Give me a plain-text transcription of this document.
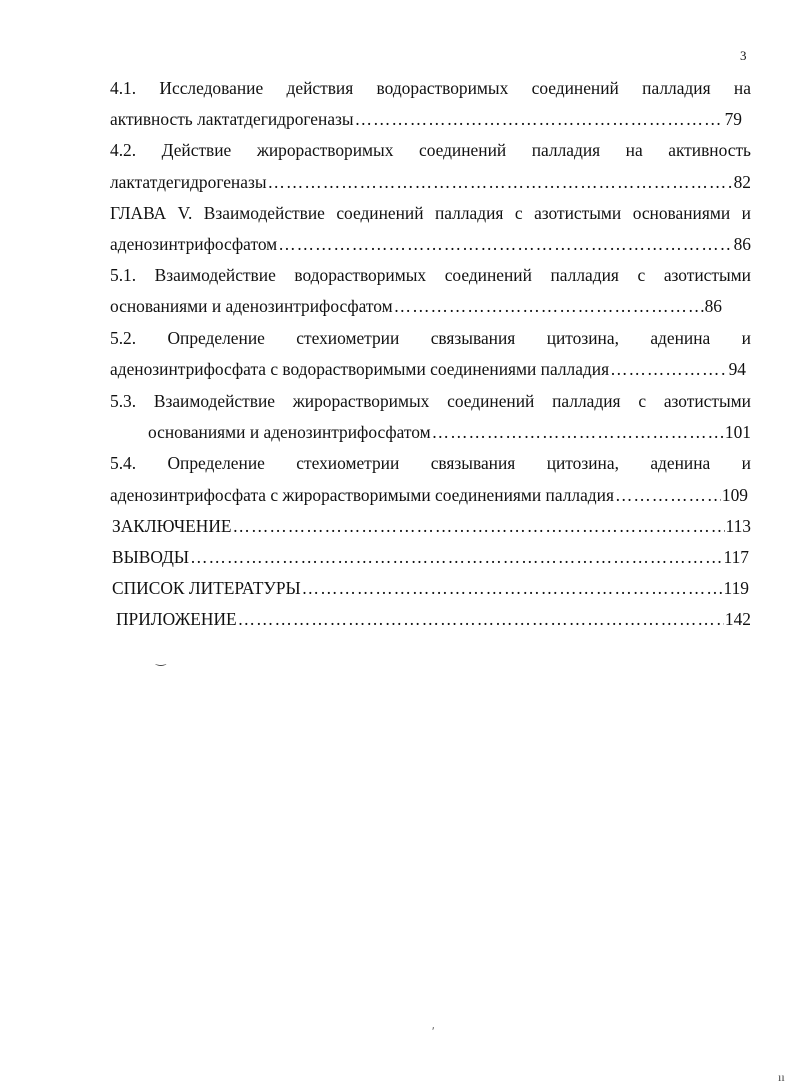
3
4.1. Исследование действия водорастворимых соединений палладия на
активность лактатдегидрогеназы ………………………………………………………………………………………………………………	79
4.2. Действие жирорастворимых соединений палладия на активность
лактатдегидрогеназы ………………………………………………………………………………………………………………	82
ГЛАВА V. Взаимодействие соединений палладия с азотистыми основаниями и
аденозинтрифосфатом ………………………………………………………………………………………………………………	86
5.1. Взаимодействие водорастворимых соединений палладия с азотистыми
основаниями и аденозинтрифосфатом ………………………………………………………………………………………………………………	86
5.2. Определение стехиометрии связывания цитозина, аденина и
аденозинтрифосфата с водорастворимыми соединениями палладия ………………………………………………………………………………………………………………	94
5.3. Взаимодействие жирорастворимых соединений палладия с азотистыми
основаниями и аденозинтрифосфатом ………………………………………………………………………………………………………………	101
5.4. Определение стехиометрии связывания цитозина, аденина и
аденозинтрифосфата с жирорастворимыми соединениями палладия ………………………………………………………………………………………………………………	109
ЗАКЛЮЧЕНИЕ ………………………………………………………………………………………………………………	113
ВЫВОДЫ ………………………………………………………………………………………………………………	117
СПИСОК ЛИТЕРАТУРЫ ………………………………………………………………………………………………………………	119
ПРИЛОЖЕНИЕ ………………………………………………………………………………………………………………	142
‿
ʹ
ıı
